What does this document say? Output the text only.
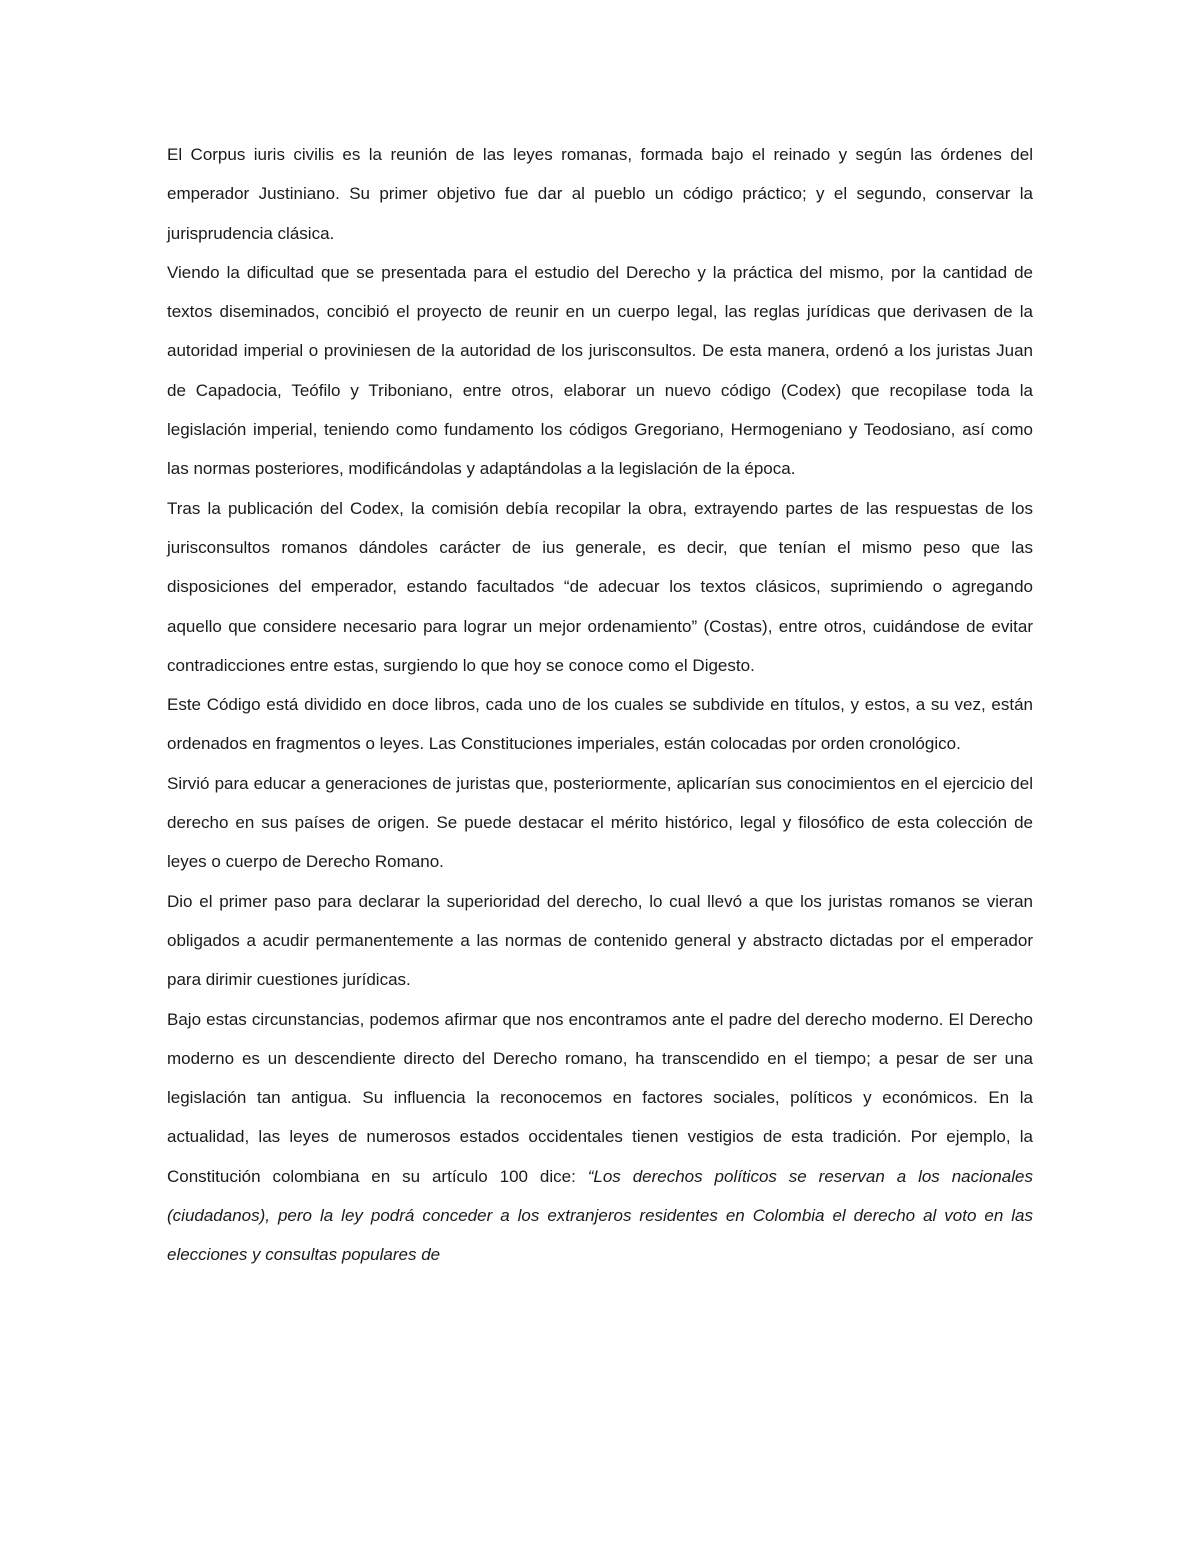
El Corpus iuris civilis es la reunión de las leyes romanas, formada bajo el reinado y según las órdenes del emperador Justiniano. Su primer objetivo fue dar al pueblo un código práctico; y el segundo, conservar la jurisprudencia clásica.

Viendo la dificultad que se presentada para el estudio del Derecho y la práctica del mismo, por la cantidad de textos diseminados, concibió el proyecto de reunir en un cuerpo legal, las reglas jurídicas que derivasen de la autoridad imperial o proviniesen de la autoridad de los jurisconsultos. De esta manera, ordenó a los juristas Juan de Capadocia, Teófilo y Triboniano, entre otros, elaborar un nuevo código (Codex) que recopilase toda la legislación imperial, teniendo como fundamento los códigos Gregoriano, Hermogeniano y Teodosiano, así como las normas posteriores, modificándolas y adaptándolas a la legislación de la época.

Tras la publicación del Codex, la comisión debía recopilar la obra, extrayendo partes de las respuestas de los jurisconsultos romanos dándoles carácter de ius generale, es decir, que tenían el mismo peso que las disposiciones del emperador, estando facultados “de adecuar los textos clásicos, suprimiendo o agregando aquello que considere necesario para lograr un mejor ordenamiento” (Costas), entre otros, cuidándose de evitar contradicciones entre estas, surgiendo lo que hoy se conoce como el Digesto.

Este Código está dividido en doce libros, cada uno de los cuales se subdivide en títulos, y estos, a su vez, están ordenados en fragmentos o leyes. Las Constituciones imperiales, están colocadas por orden cronológico.

Sirvió para educar a generaciones de juristas que, posteriormente, aplicarían sus conocimientos en el ejercicio del derecho en sus países de origen. Se puede destacar el mérito histórico, legal y filosófico de esta colección de leyes o cuerpo de Derecho Romano.

Dio el primer paso para declarar la superioridad del derecho, lo cual llevó a que los juristas romanos se vieran obligados a acudir permanentemente a las normas de contenido general y abstracto dictadas por el emperador para dirimir cuestiones jurídicas.

Bajo estas circunstancias, podemos afirmar que nos encontramos ante el padre del derecho moderno. El Derecho moderno es un descendiente directo del Derecho romano, ha transcendido en el tiempo; a pesar de ser una legislación tan antigua. Su influencia la reconocemos en factores sociales, políticos y económicos. En la actualidad, las leyes de numerosos estados occidentales tienen vestigios de esta tradición. Por ejemplo, la Constitución colombiana en su artículo 100 dice: “Los derechos políticos se reservan a los nacionales (ciudadanos), pero la ley podrá conceder a los extranjeros residentes en Colombia el derecho al voto en las elecciones y consultas populares de
